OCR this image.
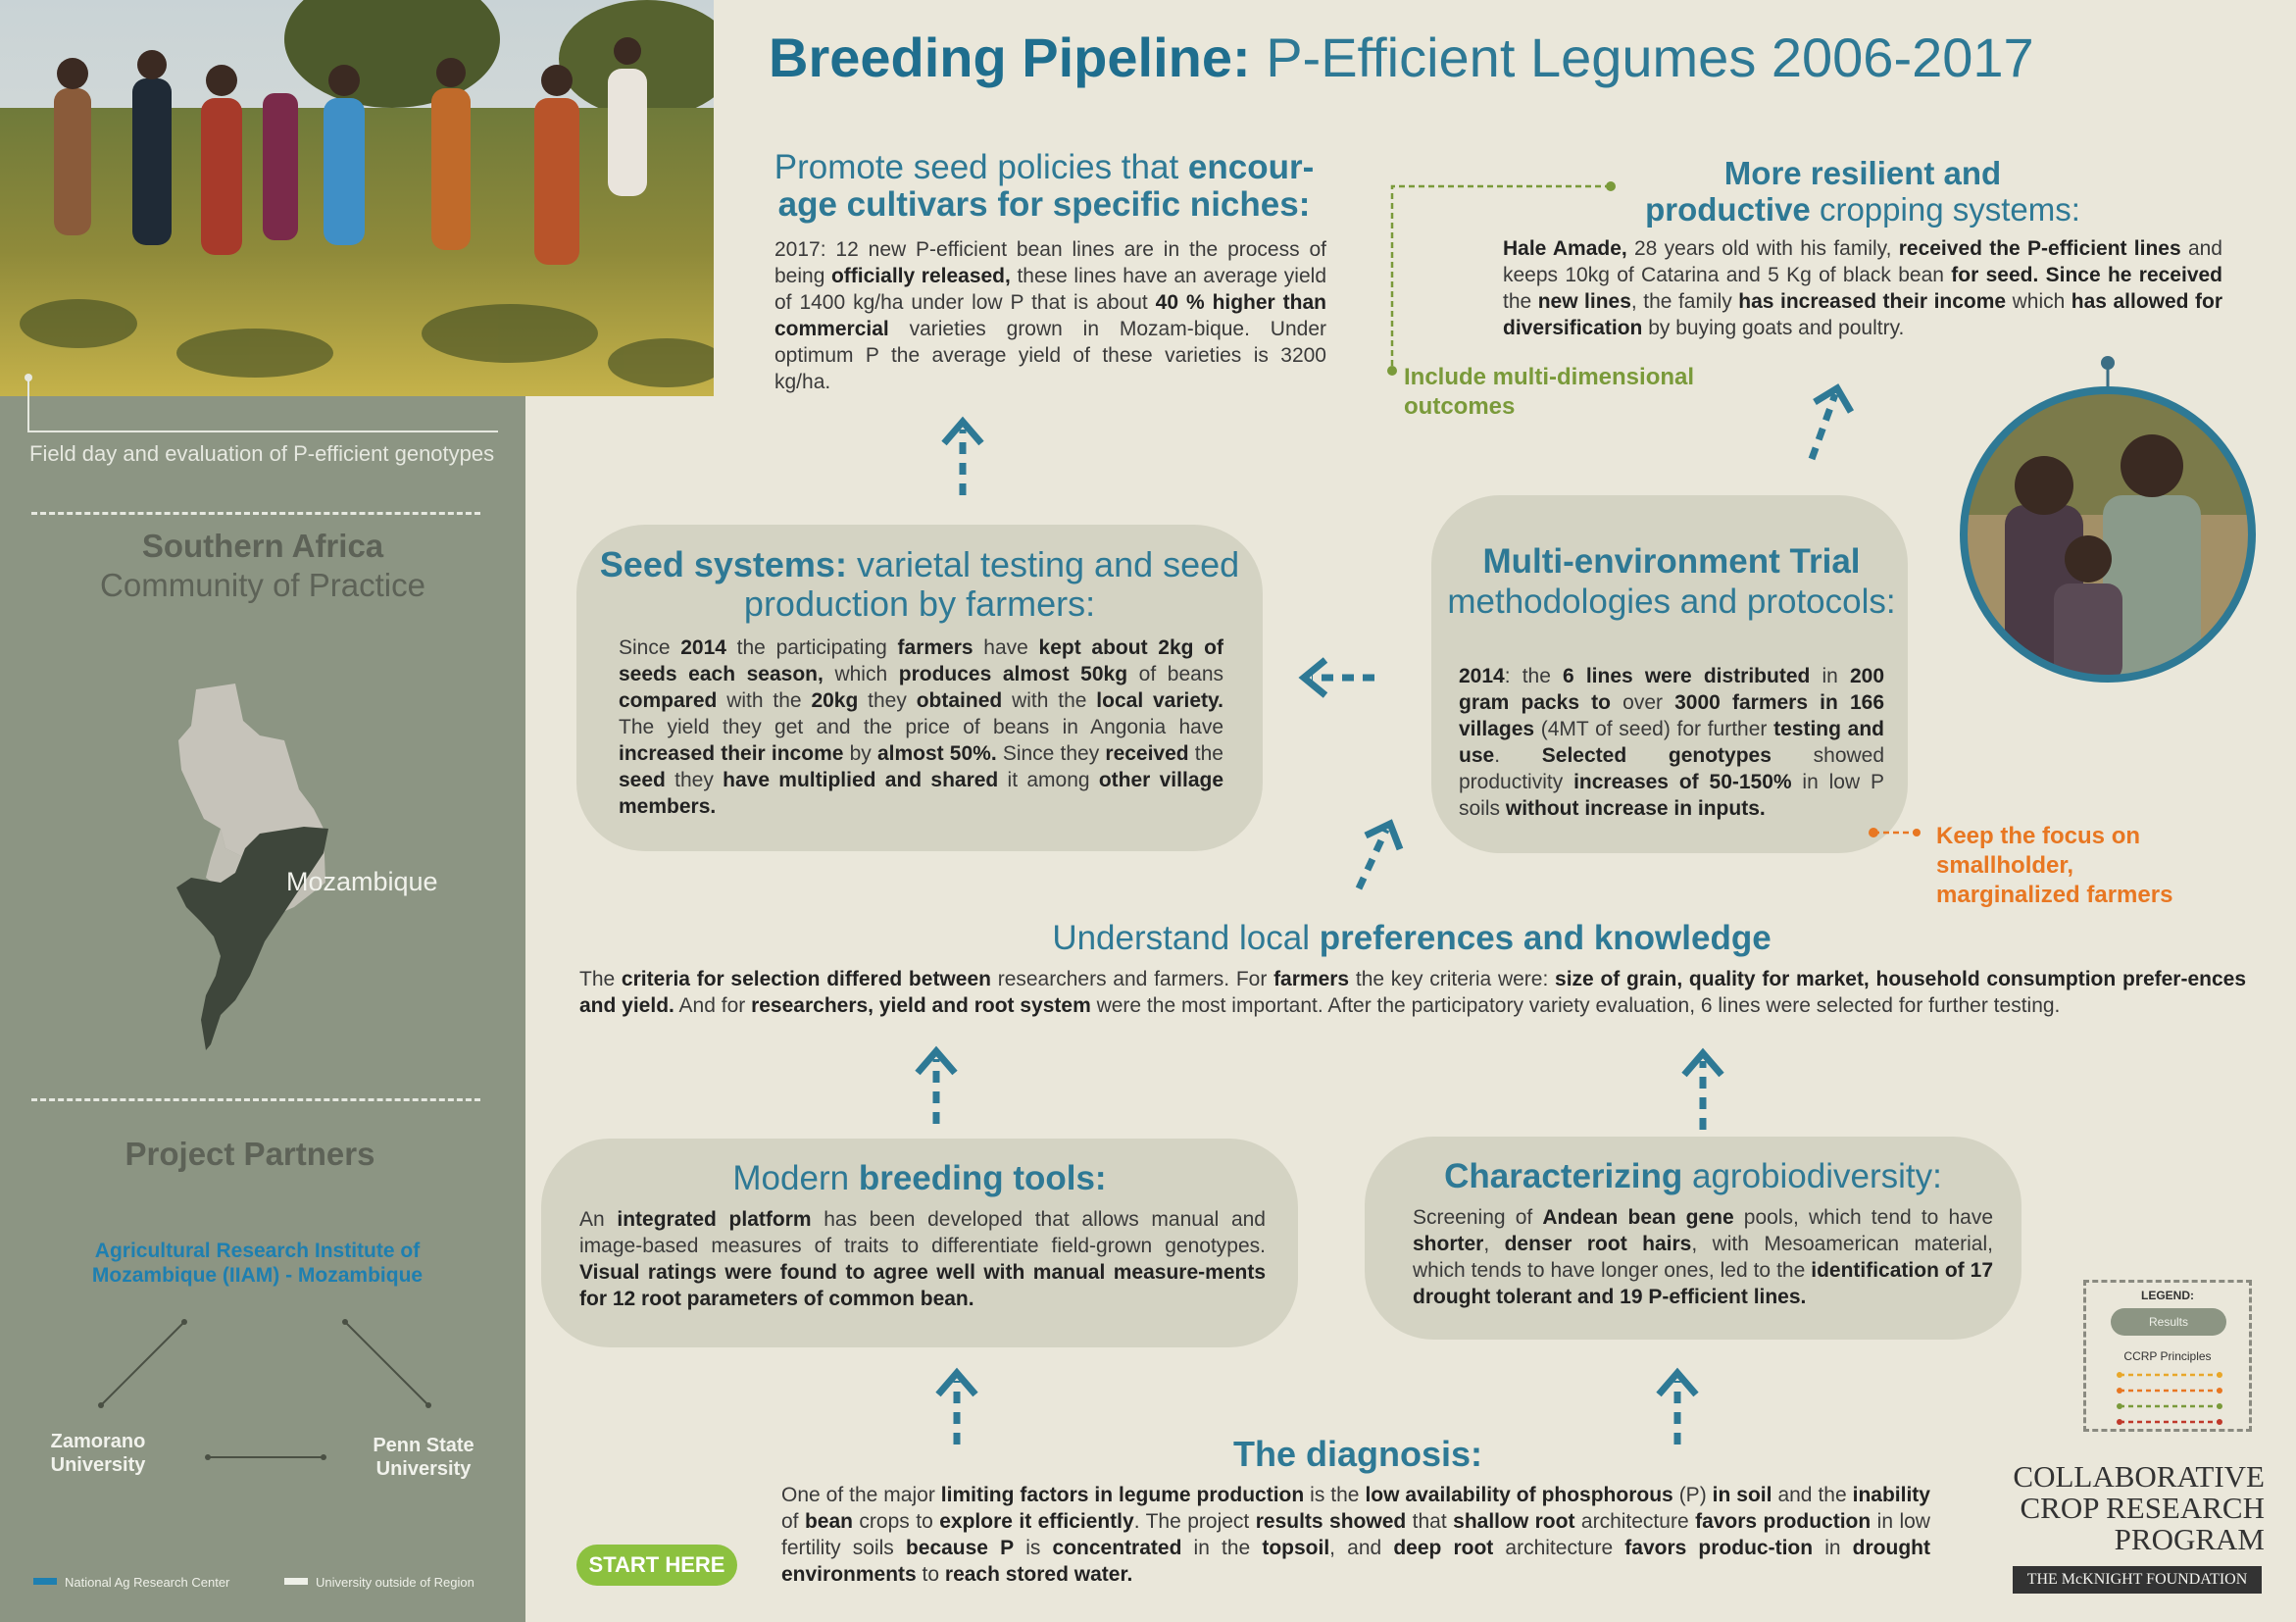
Field day and evaluation of P-efficient genotypes
Southern Africa
Community of Practice
Mozambique
Project Partners
Agricultural Research Institute of Mozambique (IIAM) - Mozambique
Zamorano University
Penn State University
National Ag Research Center	University outside of Region
Breeding Pipeline: P-Efficient Legumes 2006-2017
Promote seed policies that encour-age cultivars for specific niches:
2017: 12 new P-efficient bean lines are in the process of being officially released, these lines have an average yield of 1400 kg/ha under low P that is about 40 % higher than commercial varieties grown in Mozam-bique. Under optimum P the average yield of these varieties is 3200 kg/ha.
More resilient and
productive cropping systems:
Hale Amade, 28 years old with his family, received the P-efficient lines and keeps 10kg of Catarina and 5 Kg of black bean for seed. Since he received the new lines, the family has increased their income which has allowed for diversification by buying goats and poultry.
Include multi-dimensional outcomes
Seed systems: varietal testing and seed production by farmers:
Since 2014 the participating farmers have kept about 2kg of seeds each season, which produces almost 50kg of beans compared with the 20kg they obtained with the local variety. The yield they get and the price of beans in Angonia have increased their income by almost 50%. Since they received the seed they have multiplied and shared it among other village members.
Multi-environment Trial
methodologies and protocols:
2014: the 6 lines were distributed in 200 gram packs to over 3000 farmers in 166 villages (4MT of seed) for further testing and use. Selected genotypes showed productivity increases of 50-150% in low P soils without increase in inputs.
Keep the focus on smallholder, marginalized farmers
Understand local preferences and knowledge
The criteria for selection differed between researchers and farmers. For farmers the key criteria were: size of grain, quality for market, household consumption prefer-ences and yield. And for researchers, yield and root system were the most important. After the participatory variety evaluation, 6 lines were selected for further testing.
Modern breeding tools:
An integrated platform has been developed that allows manual and image-based measures of traits to differentiate field-grown genotypes. Visual ratings were found to agree well with manual measure-ments for 12 root parameters of common bean.
Characterizing agrobiodiversity:
Screening of Andean bean gene pools, which tend to have shorter, denser root hairs, with Mesoamerican material, which tends to have longer ones, led to the identification of 17 drought tolerant and 19 P-efficient lines.
The diagnosis:
One of the major limiting factors in legume production is the low availability of phosphorous (P) in soil and the inability of bean crops to explore it efficiently. The project results showed that shallow root architecture favors production in low fertility soils because P is concentrated in the topsoil, and deep root architecture favors produc-tion in drought environments to reach stored water.
START HERE
LEGEND:
Results
CCRP Principles
COLLABORATIVE
CROP RESEARCH
PROGRAM
THE McKNIGHT FOUNDATION
